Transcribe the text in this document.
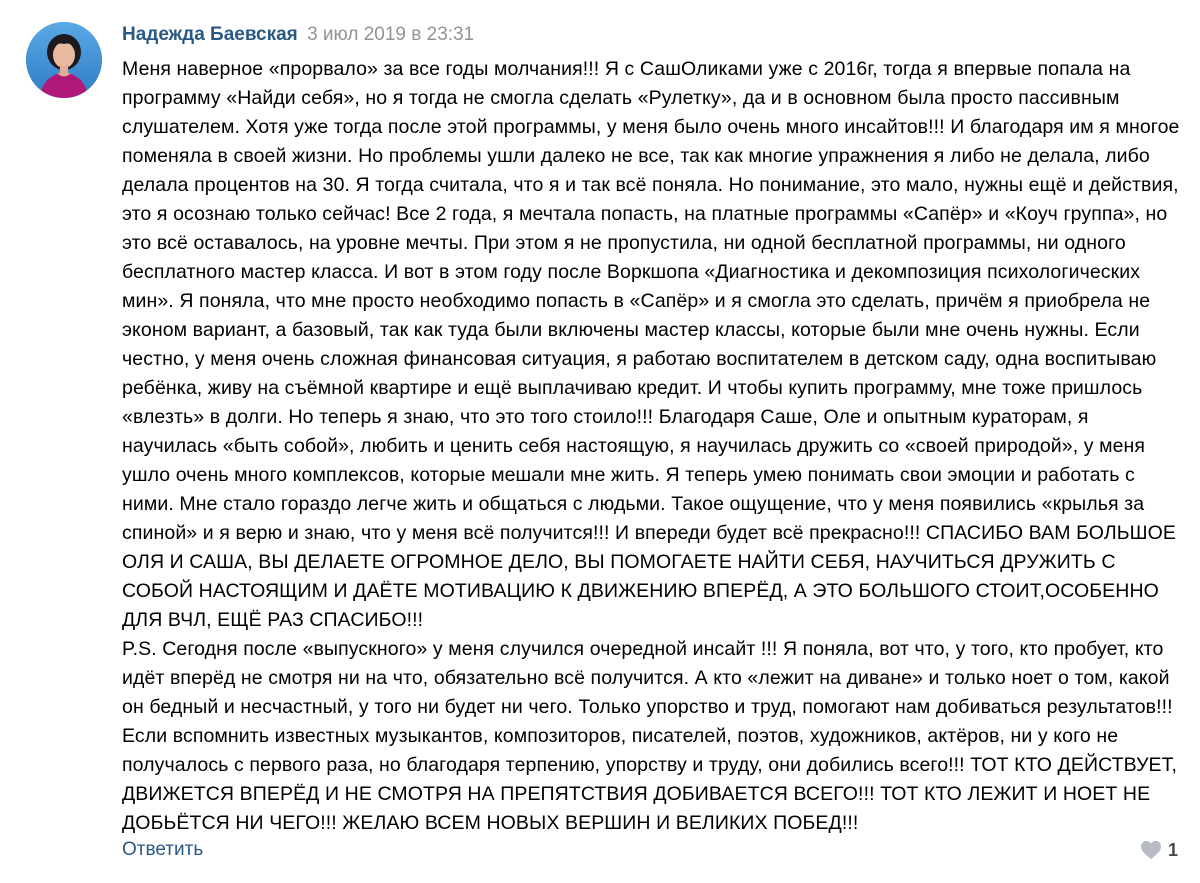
Надежда Баевская 3 июл 2019 в 23:31

Меня наверное «прорвало» за все годы молчания!!! Я с СашОликами уже с 2016г, тогда я впервые попала на программу «Найди себя», но я тогда не смогла сделать «Рулетку», да и в основном была просто пассивным слушателем. Хотя уже тогда после этой программы, у меня было очень много инсайтов!!! И благодаря им я многое поменяла в своей жизни. Но проблемы ушли далеко не все, так как многие упражнения я либо не делала, либо делала процентов на 30. Я тогда считала, что я и так всё поняла. Но понимание, это мало, нужны ещё и действия, это я осознаю только сейчас! Все 2 года, я мечтала попасть, на платные программы «Сапёр» и «Коуч группа», но это всё оставалось, на уровне мечты. При этом я не пропустила, ни одной бесплатной программы, ни одного бесплатного мастер класса. И вот в этом году после Воркшопа «Диагностика и декомпозиция психологических мин». Я поняла, что мне просто необходимо попасть в «Сапёр» и я смогла это сделать, причём я приобрела не эконом вариант, а базовый, так как туда были включены мастер классы, которые были мне очень нужны. Если честно, у меня очень сложная финансовая ситуация, я работаю воспитателем в детском саду, одна воспитываю ребёнка, живу на съёмной квартире и ещё выплачиваю кредит. И чтобы купить программу, мне тоже пришлось «влезть» в долги. Но теперь я знаю, что это того стоило!!! Благодаря Саше, Оле и опытным кураторам, я научилась «быть собой», любить и ценить себя настоящую, я научилась дружить со «своей природой», у меня ушло очень много комплексов, которые мешали мне жить. Я теперь умею понимать свои эмоции и работать с ними. Мне стало гораздо легче жить и общаться с людьми. Такое ощущение, что у меня появились «крылья за спиной» и я верю и знаю, что у меня всё получится!!! И впереди будет всё прекрасно!!! СПАСИБО ВАМ БОЛЬШОЕ ОЛЯ И САША, ВЫ ДЕЛАЕТЕ ОГРОМНОЕ ДЕЛО, ВЫ ПОМОГАЕТЕ НАЙТИ СЕБЯ, НАУЧИТЬСЯ ДРУЖИТЬ С СОБОЙ НАСТОЯЩИМ И ДАЁТЕ МОТИВАЦИЮ К ДВИЖЕНИЮ ВПЕРЁД, А ЭТО БОЛЬШОГО СТОИТ,ОСОБЕННО ДЛЯ ВЧЛ, ЕЩЁ РАЗ СПАСИБО!!!

P.S. Сегодня после «выпускного» у меня случился очередной инсайт !!! Я поняла, вот что, у того, кто пробует, кто идёт вперёд не смотря ни на что, обязательно всё получится. А кто «лежит на диване» и только ноет о том, какой он бедный и несчастный, у того ни будет ни чего. Только упорство и труд, помогают нам добиваться результатов!!! Если вспомнить известных музыкантов, композиторов, писателей, поэтов, художников, актёров, ни у кого не получалось с первого раза, но благодаря терпению, упорству и труду, они добились всего!!! ТОТ КТО ДЕЙСТВУЕТ, ДВИЖЕТСЯ ВПЕРЁД И НЕ СМОТРЯ НА ПРЕПЯТСТВИЯ ДОБИВАЕТСЯ ВСЕГО!!! ТОТ КТО ЛЕЖИТ И НОЕТ НЕ ДОБЬЁТСЯ НИ ЧЕГО!!! ЖЕЛАЮ ВСЕМ НОВЫХ ВЕРШИН И ВЕЛИКИХ ПОБЕД!!!

Ответить	1
